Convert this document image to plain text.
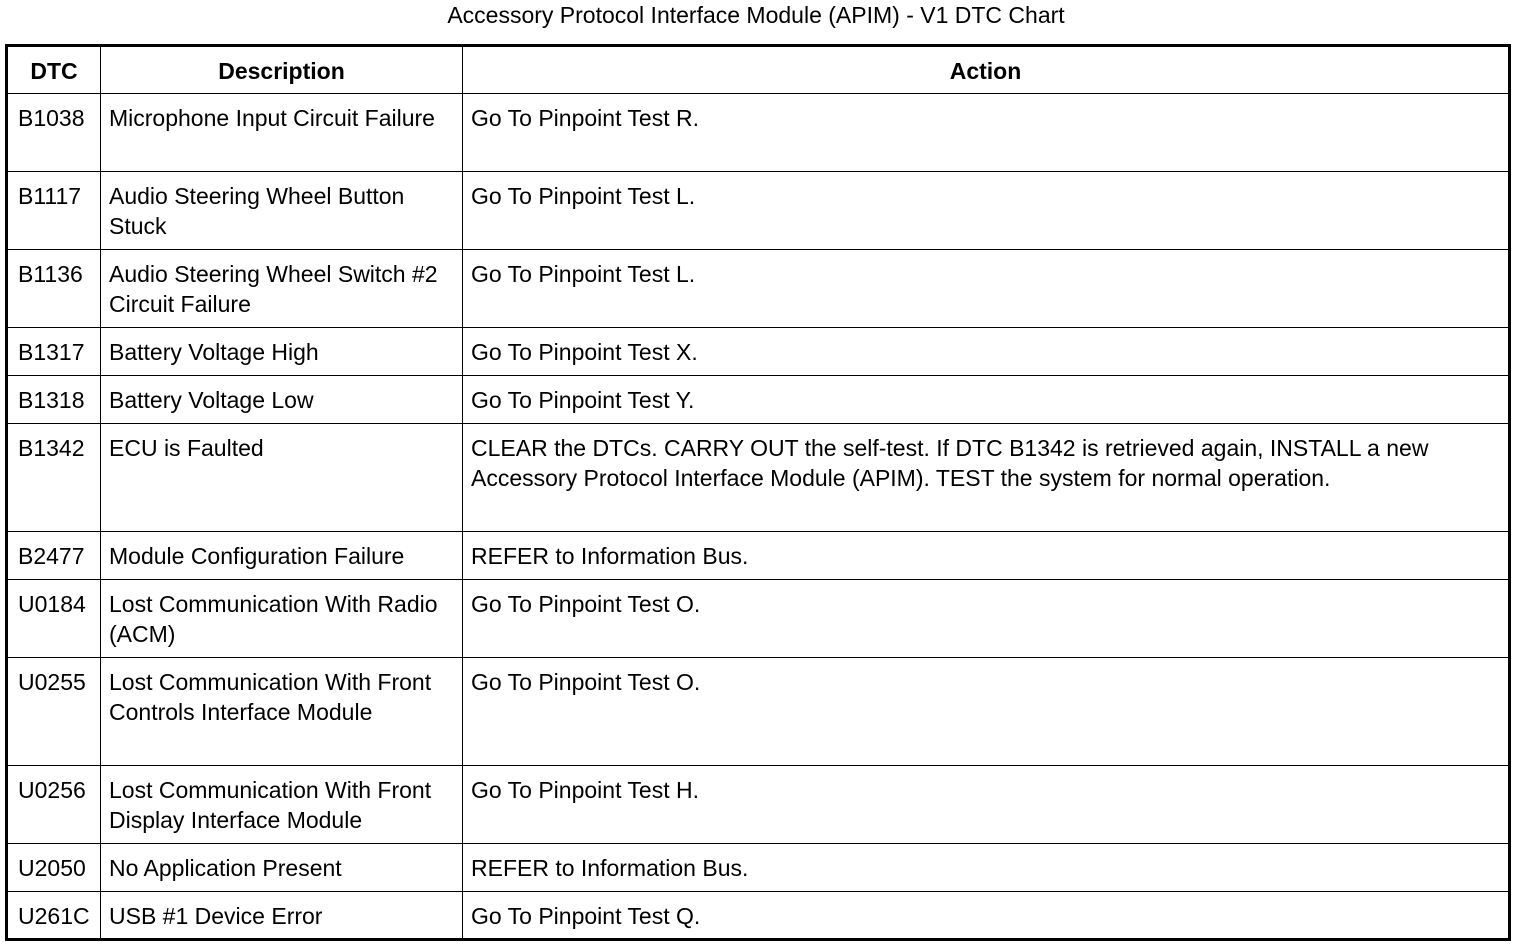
Accessory Protocol Interface Module (APIM) - V1 DTC Chart
DTC	Description	Action
B1038	Microphone Input Circuit Failure	Go To Pinpoint Test R.
B1117	Audio Steering Wheel Button Stuck	Go To Pinpoint Test L.
B1136	Audio Steering Wheel Switch #2 Circuit Failure	Go To Pinpoint Test L.
B1317	Battery Voltage High	Go To Pinpoint Test X.
B1318	Battery Voltage Low	Go To Pinpoint Test Y.
B1342	ECU is Faulted	CLEAR the DTCs. CARRY OUT the self-test. If DTC B1342 is retrieved again, INSTALL a new Accessory Protocol Interface Module (APIM). TEST the system for normal operation.
B2477	Module Configuration Failure	REFER to Information Bus.
U0184	Lost Communication With Radio (ACM)	Go To Pinpoint Test O.
U0255	Lost Communication With Front Controls Interface Module	Go To Pinpoint Test O.
U0256	Lost Communication With Front Display Interface Module	Go To Pinpoint Test H.
U2050	No Application Present	REFER to Information Bus.
U261C	USB #1 Device Error	Go To Pinpoint Test Q.
